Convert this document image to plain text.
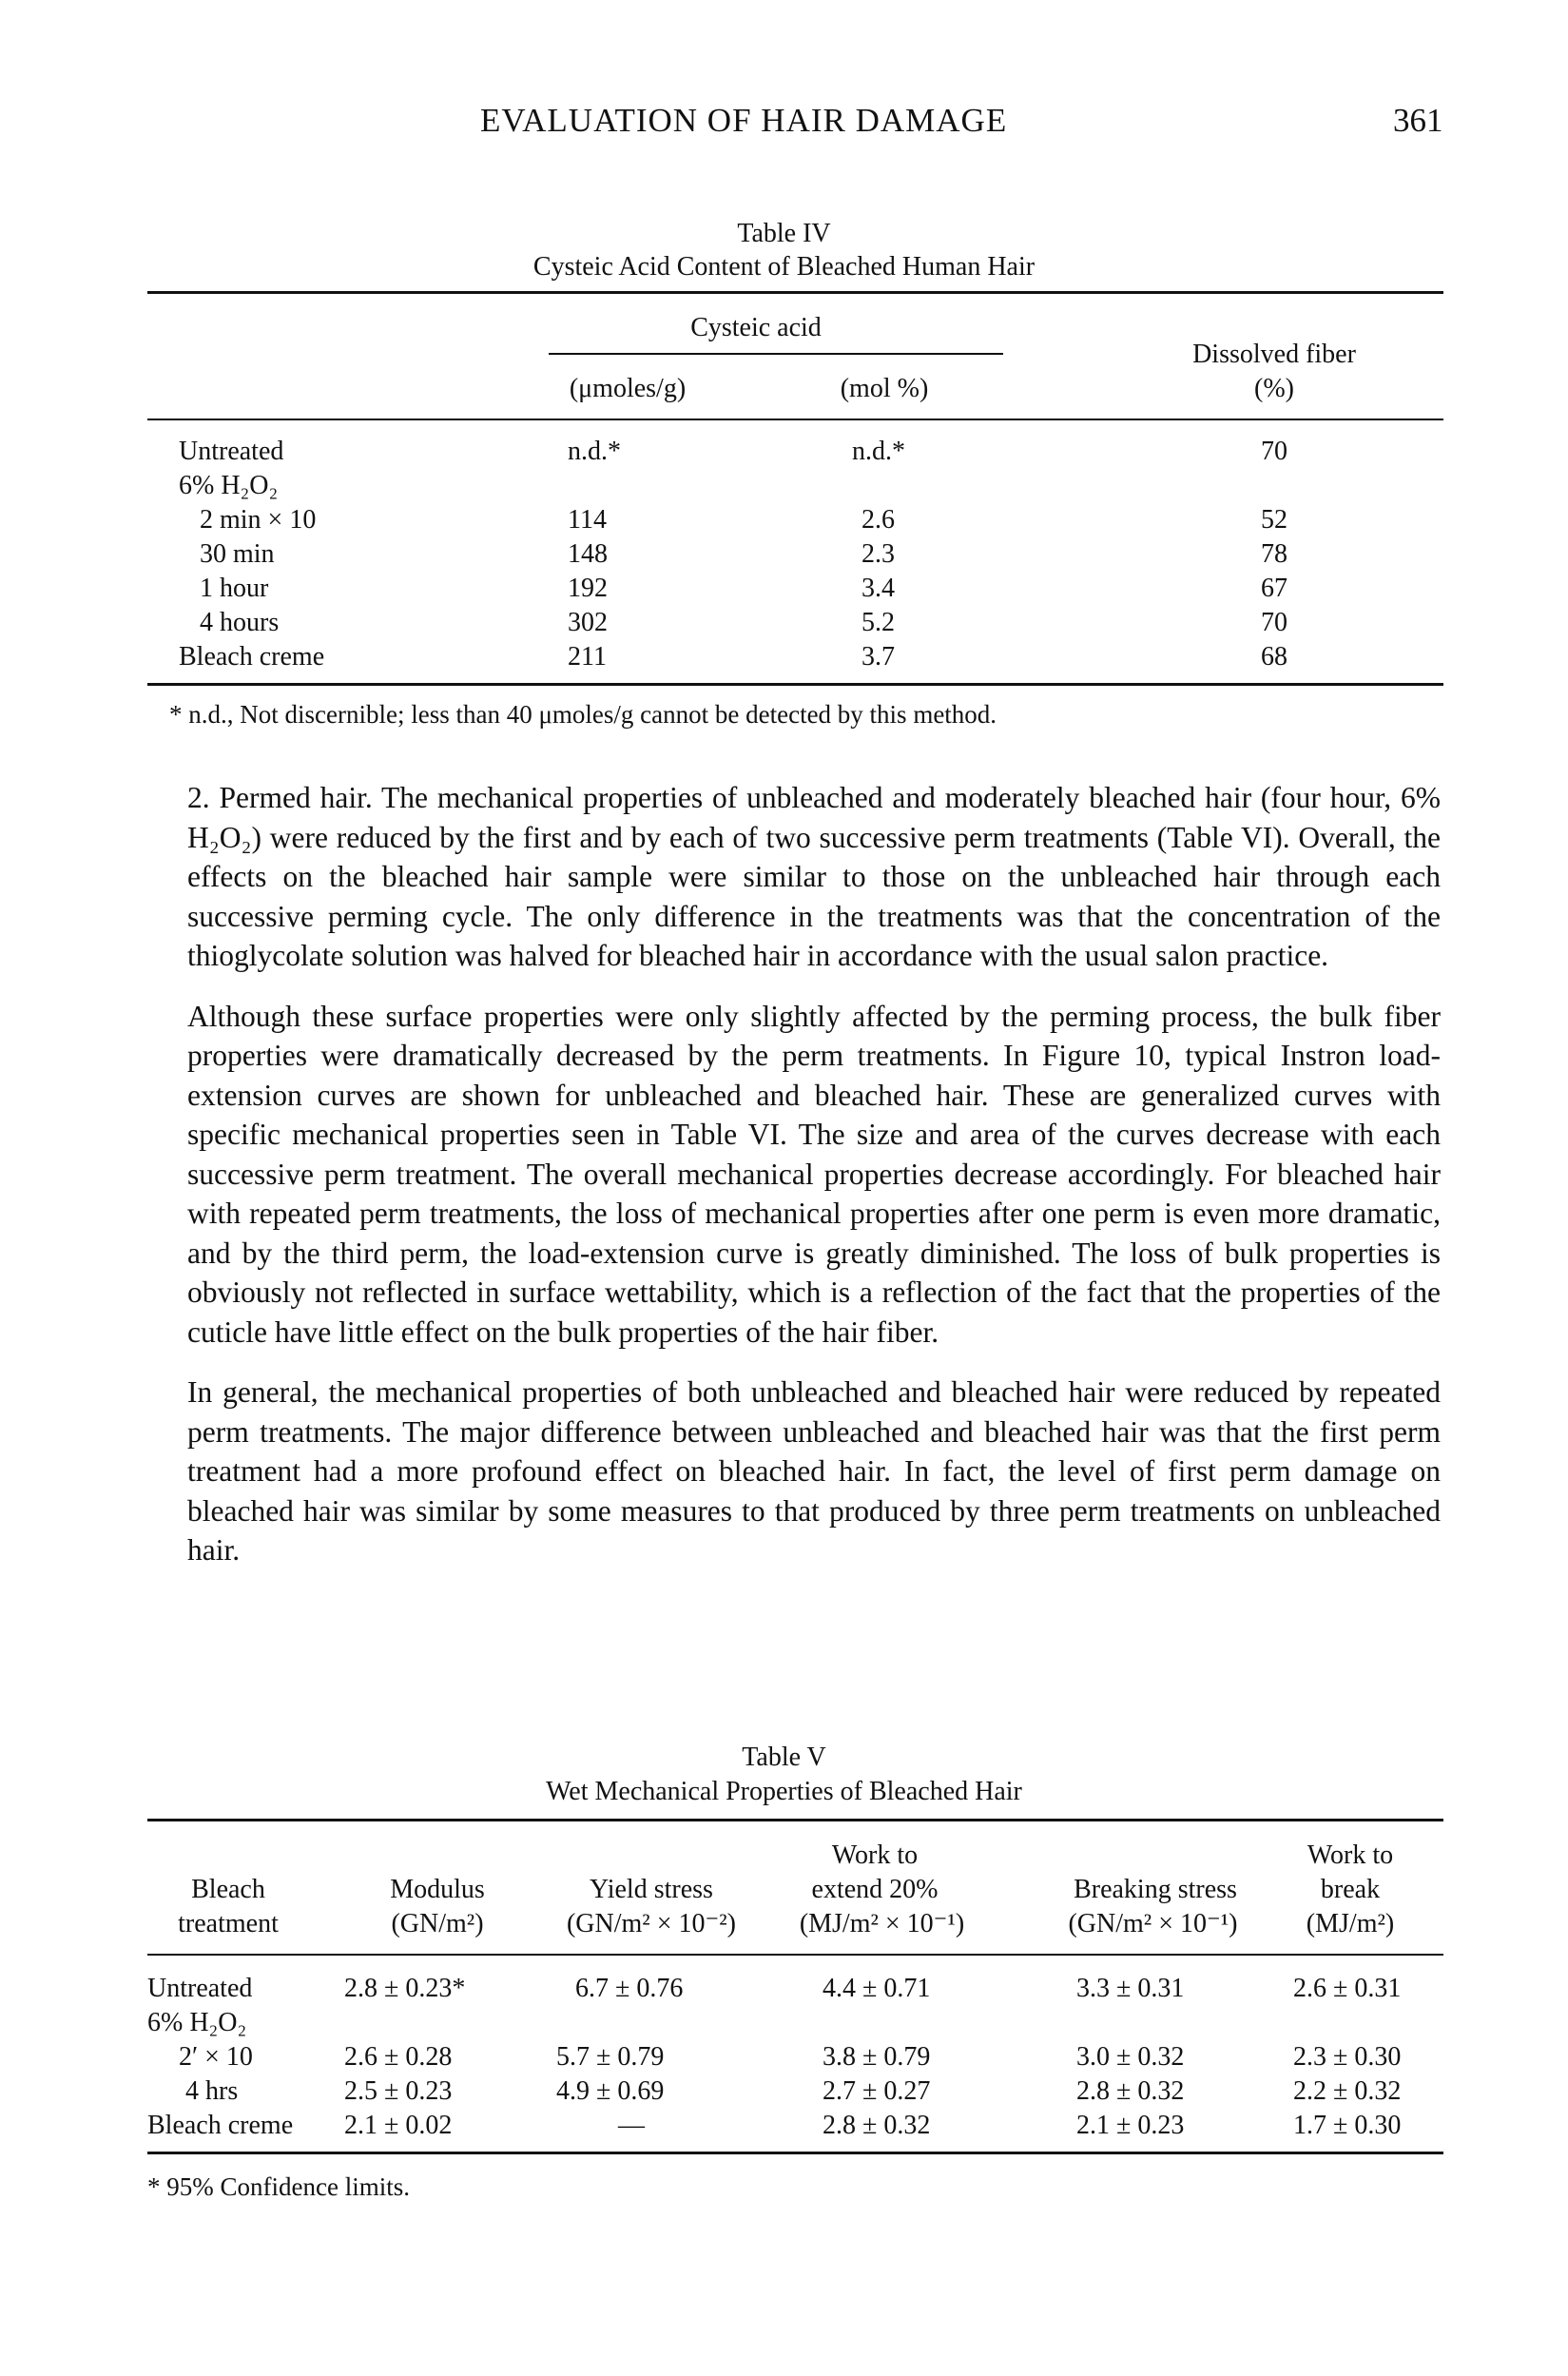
EVALUATION OF HAIR DAMAGE	361
Table IV
Cysteic Acid Content of Bleached Human Hair
Cysteic acid
Dissolved fiber
(μmoles/g)	(mol %)	(%)
Untreated	n.d.*	n.d.*	70
6% H₂O₂
2 min × 10	114	2.6	52
30 min	148	2.3	78
1 hour	192	3.4	67
4 hours	302	5.2	70
Bleach creme	211	3.7	68
* n.d., Not discernible; less than 40 μmoles/g cannot be detected by this method.

2. Permed hair. The mechanical properties of unbleached and moderately bleached hair (four hour, 6% H₂O₂) were reduced by the first and by each of two successive perm treatments (Table VI). Overall, the effects on the bleached hair sample were similar to those on the unbleached hair through each successive perming cycle. The only difference in the treatments was that the concentration of the thioglycolate solution was halved for bleached hair in accordance with the usual salon practice.

Although these surface properties were only slightly affected by the perming process, the bulk fiber properties were dramatically decreased by the perm treatments. In Figure 10, typical Instron load-extension curves are shown for unbleached and bleached hair. These are generalized curves with specific mechanical properties seen in Table VI. The size and area of the curves decrease with each successive perm treatment. The overall mechanical properties decrease accordingly. For bleached hair with repeated perm treatments, the loss of mechanical properties after one perm is even more dramatic, and by the third perm, the load-extension curve is greatly diminished. The loss of bulk properties is obviously not reflected in surface wettability, which is a reflection of the fact that the properties of the cuticle have little effect on the bulk properties of the hair fiber.

In general, the mechanical properties of both unbleached and bleached hair were reduced by repeated perm treatments. The major difference between unbleached and bleached hair was that the first perm treatment had a more profound effect on bleached hair. In fact, the level of first perm damage on bleached hair was similar by some measures to that produced by three perm treatments on unbleached hair.

Table V
Wet Mechanical Properties of Bleached Hair
Work to	Work to
Bleach	Modulus	Yield stress	extend 20%	Breaking stress	break
treatment	(GN/m²)	(GN/m² × 10⁻²)	(MJ/m² × 10⁻¹)	(GN/m² × 10⁻¹)	(MJ/m²)
Untreated	2.8 ± 0.23*	6.7 ± 0.76	4.4 ± 0.71	3.3 ± 0.31	2.6 ± 0.31
6% H₂O₂
2′ × 10	2.6 ± 0.28	5.7 ± 0.79	3.8 ± 0.79	3.0 ± 0.32	2.3 ± 0.30
4 hrs	2.5 ± 0.23	4.9 ± 0.69	2.7 ± 0.27	2.8 ± 0.32	2.2 ± 0.32
Bleach creme 2.1 ± 0.02	—	2.8 ± 0.32	2.1 ± 0.23	1.7 ± 0.30
* 95% Confidence limits.
